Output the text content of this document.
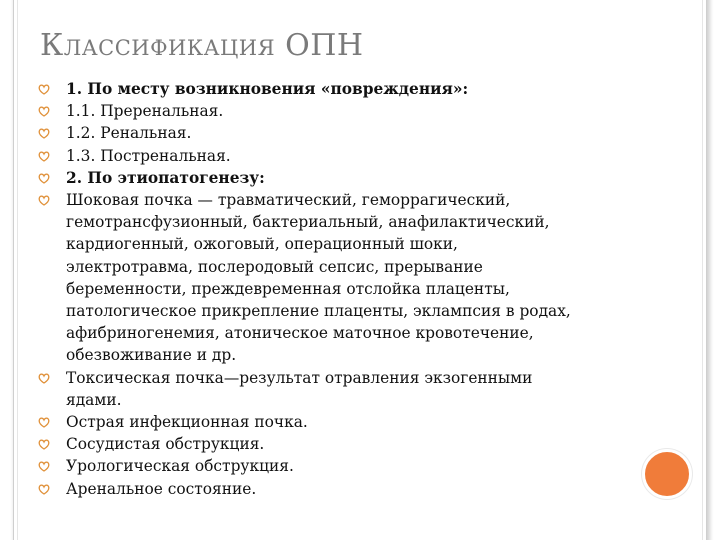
Классификация ОПН
1. По месту возникновения «повреждения»:
1.1. Преренальная.
1.2. Ренальная.
1.3. Постренальная.
2. По этиопатогенезу:
Шоковая почка — травматический, геморрагический,
гемотрансфузионный, бактериальный, анафилактический,
кардиогенный, ожоговый, операционный шоки,
электротравма, послеродовый сепсис, прерывание
беременности, преждевременная отслойка плаценты,
патологическое прикрепление плаценты, эклампсия в родах,
афибриногенемия, атоническое маточное кровотечение,
обезвоживание и др.
Токсическая почка—результат отравления экзогенными
ядами.
Острая инфекционная почка.
Сосудистая обструкция.
Урологическая обструкция.
Аренальное состояние.
